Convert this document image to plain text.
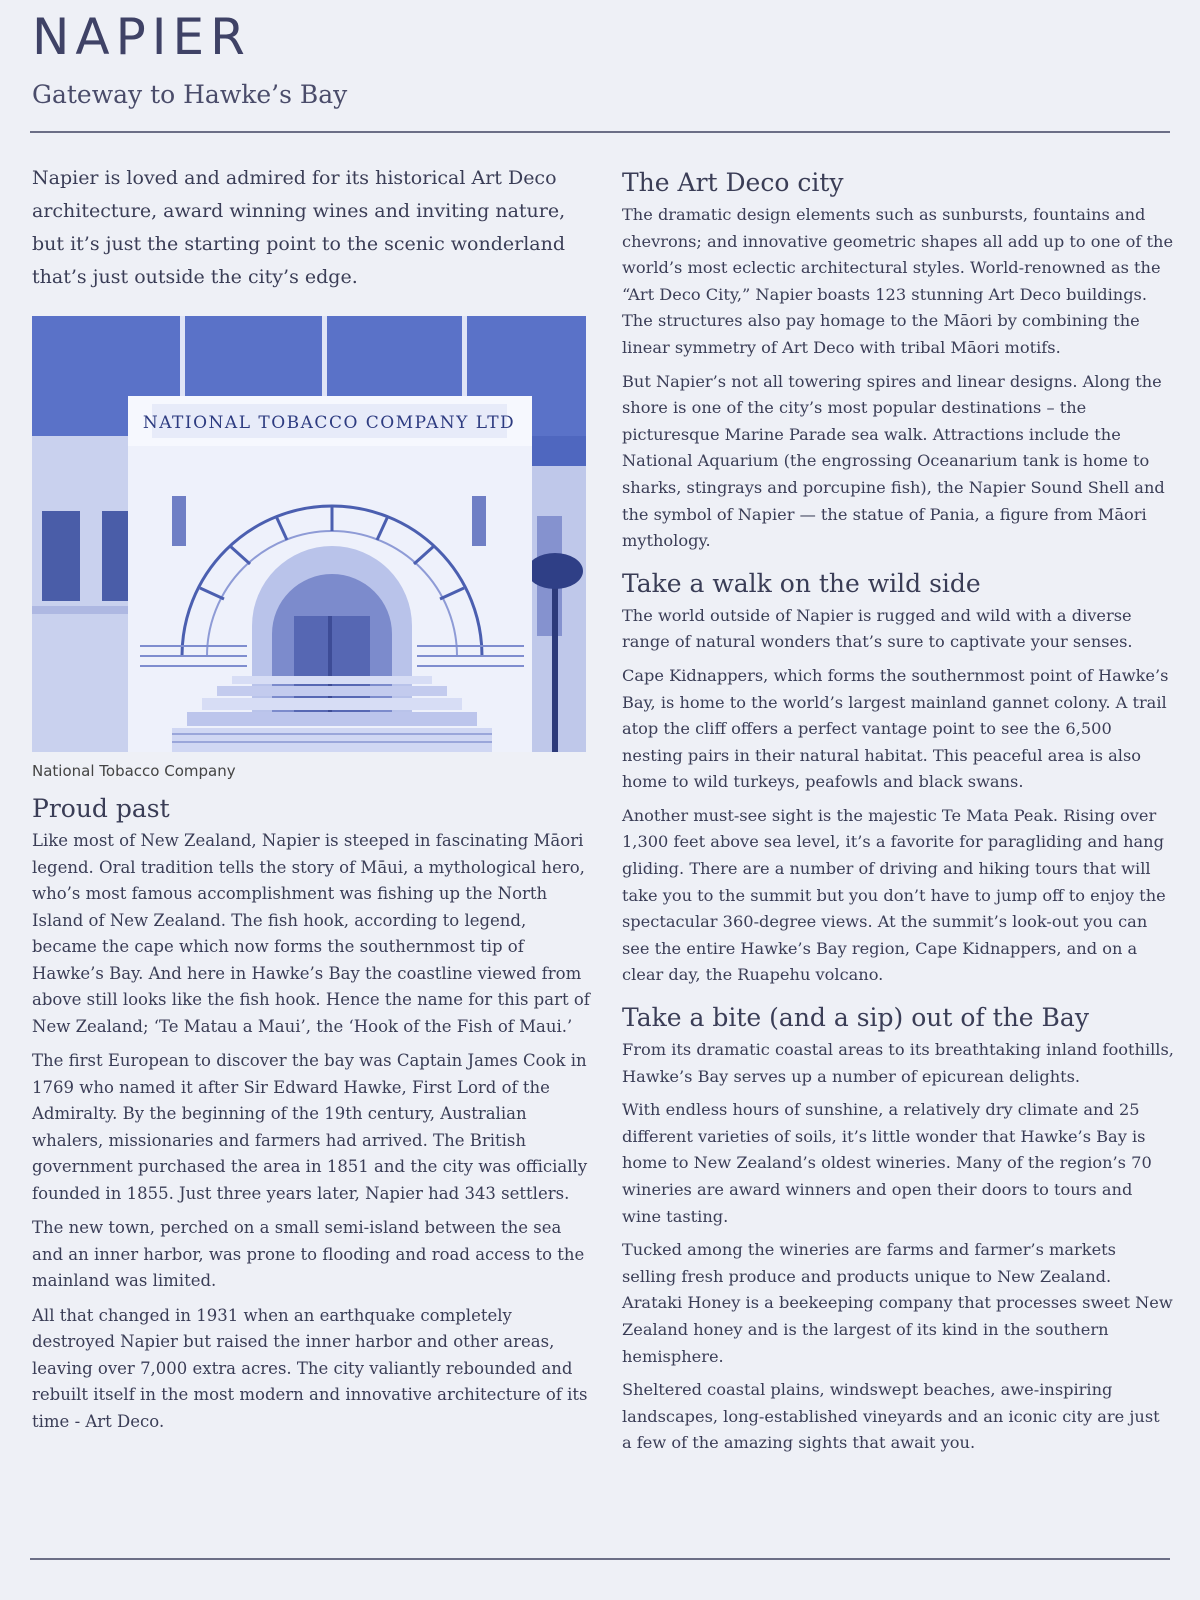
NAPIER
Gateway to Hawke’s Bay

Napier is loved and admired for its historical Art Deco architecture, award winning wines and inviting nature, but it’s just the starting point to the scenic wonderland that’s just outside the city’s edge.

NATIONAL TOBACCO COMPANY LTD
National Tobacco Company
Proud past

Like most of New Zealand, Napier is steeped in fascinating Māori legend. Oral tradition tells the story of Māui, a mythological hero, who’s most famous accomplishment was fishing up the North Island of New Zealand. The fish hook, according to legend, became the cape which now forms the southernmost tip of Hawke’s Bay. And here in Hawke’s Bay the coastline viewed from above still looks like the fish hook. Hence the name for this part of New Zealand; ‘Te Matau a Maui’, the ‘Hook of the Fish of Maui.’

The first European to discover the bay was Captain James Cook in 1769 who named it after Sir Edward Hawke, First Lord of the Admiralty. By the beginning of the 19th century, Australian whalers, missionaries and farmers had arrived. The British government purchased the area in 1851 and the city was officially founded in 1855. Just three years later, Napier had 343 settlers.

The new town, perched on a small semi-island between the sea and an inner harbor, was prone to flooding and road access to the mainland was limited.

All that changed in 1931 when an earthquake completely destroyed Napier but raised the inner harbor and other areas, leaving over 7,000 extra acres. The city valiantly rebounded and rebuilt itself in the most modern and innovative architecture of its time - Art Deco.

The Art Deco city

The dramatic design elements such as sunbursts, fountains and chevrons; and innovative geometric shapes all add up to one of the world’s most eclectic architectural styles. World-renowned as the “Art Deco City,” Napier boasts 123 stunning Art Deco buildings. The structures also pay homage to the Māori by combining the linear symmetry of Art Deco with tribal Māori motifs.

But Napier’s not all towering spires and linear designs. Along the shore is one of the city’s most popular destinations – the picturesque Marine Parade sea walk. Attractions include the National Aquarium (the engrossing Oceanarium tank is home to sharks, stingrays and porcupine fish), the Napier Sound Shell and the symbol of Napier — the statue of Pania, a figure from Māori mythology.

Take a walk on the wild side

The world outside of Napier is rugged and wild with a diverse range of natural wonders that’s sure to captivate your senses.

Cape Kidnappers, which forms the southernmost point of Hawke’s Bay, is home to the world’s largest mainland gannet colony. A trail atop the cliff offers a perfect vantage point to see the 6,500 nesting pairs in their natural habitat. This peaceful area is also home to wild turkeys, peafowls and black swans.

Another must-see sight is the majestic Te Mata Peak. Rising over 1,300 feet above sea level, it’s a favorite for paragliding and hang gliding. There are a number of driving and hiking tours that will take you to the summit but you don’t have to jump off to enjoy the spectacular 360-degree views. At the summit’s look-out you can see the entire Hawke’s Bay region, Cape Kidnappers, and on a clear day, the Ruapehu volcano.

Take a bite (and a sip) out of the Bay

From its dramatic coastal areas to its breathtaking inland foothills, Hawke’s Bay serves up a number of epicurean delights.

With endless hours of sunshine, a relatively dry climate and 25 different varieties of soils, it’s little wonder that Hawke’s Bay is home to New Zealand’s oldest wineries. Many of the region’s 70 wineries are award winners and open their doors to tours and wine tasting.

Tucked among the wineries are farms and farmer’s markets selling fresh produce and products unique to New Zealand. Arataki Honey is a beekeeping company that processes sweet New Zealand honey and is the largest of its kind in the southern hemisphere.

Sheltered coastal plains, windswept beaches, awe-inspiring landscapes, long-established vineyards and an iconic city are just a few of the amazing sights that await you.
